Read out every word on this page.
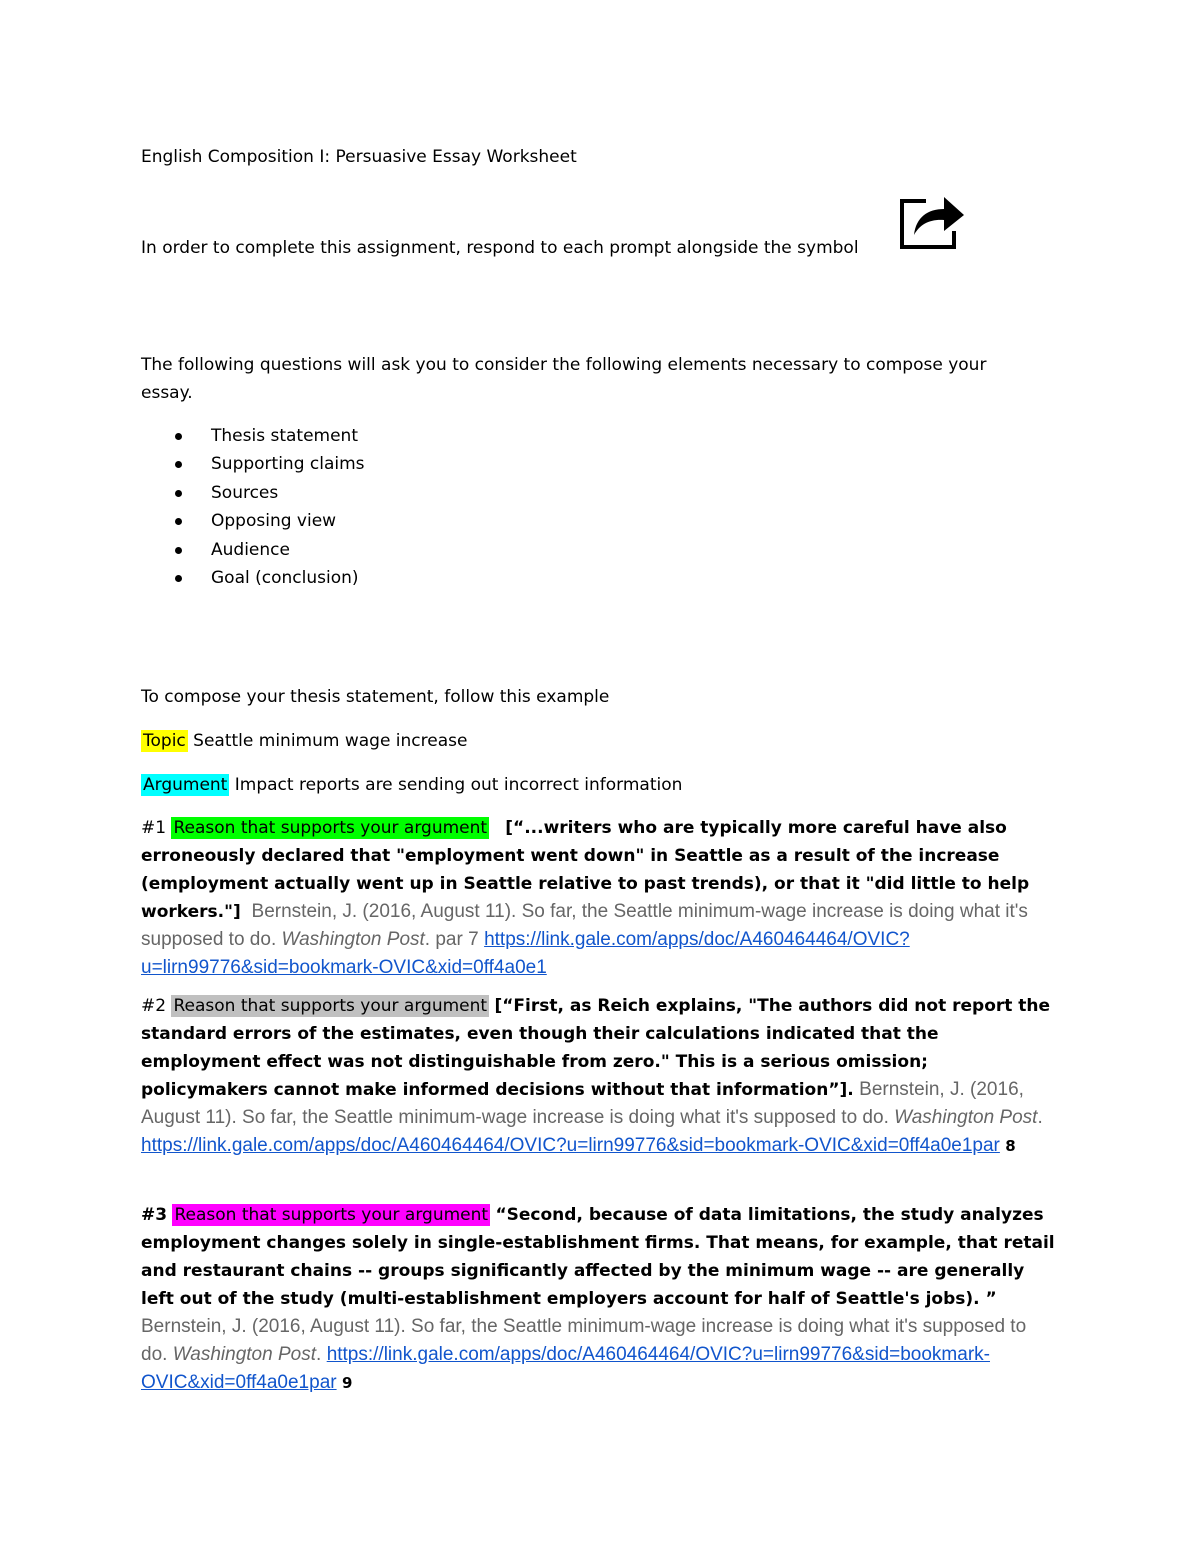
English Composition I: Persuasive Essay Worksheet
In order to complete this assignment, respond to each prompt alongside the symbol
The following questions will ask you to consider the following elements necessary to compose your essay.
Thesis statement
Supporting claims
Sources
Opposing view
Audience
Goal (conclusion)
To compose your thesis statement, follow this example
Topic Seattle minimum wage increase
Argument Impact reports are sending out incorrect information
#1 Reason that supports your argument [“...writers who are typically more careful have also erroneously declared that "employment went down" in Seattle as a result of the increase (employment actually went up in Seattle relative to past trends), or that it "did little to help workers."] Bernstein, J. (2016, August 11). So far, the Seattle minimum-wage increase is doing what it's supposed to do. Washington Post. par 7 https://link.gale.com/apps/doc/A460464464/OVIC?u=lirn99776&sid=bookmark-OVIC&xid=0ff4a0e1
#2 Reason that supports your argument [“First, as Reich explains, "The authors did not report the standard errors of the estimates, even though their calculations indicated that the employment effect was not distinguishable from zero." This is a serious omission; policymakers cannot make informed decisions without that information”]. Bernstein, J. (2016, August 11). So far, the Seattle minimum-wage increase is doing what it's supposed to do. Washington Post. https://link.gale.com/apps/doc/A460464464/OVIC?u=lirn99776&sid=bookmark-OVIC&xid=0ff4a0e1par 8
#3 Reason that supports your argument “Second, because of data limitations, the study analyzes employment changes solely in single-establishment firms. That means, for example, that retail and restaurant chains -- groups significantly affected by the minimum wage -- are generally left out of the study (multi-establishment employers account for half of Seattle's jobs). ” Bernstein, J. (2016, August 11). So far, the Seattle minimum-wage increase is doing what it's supposed to do. Washington Post. https://link.gale.com/apps/doc/A460464464/OVIC?u=lirn99776&sid=bookmark-OVIC&xid=0ff4a0e1par 9
